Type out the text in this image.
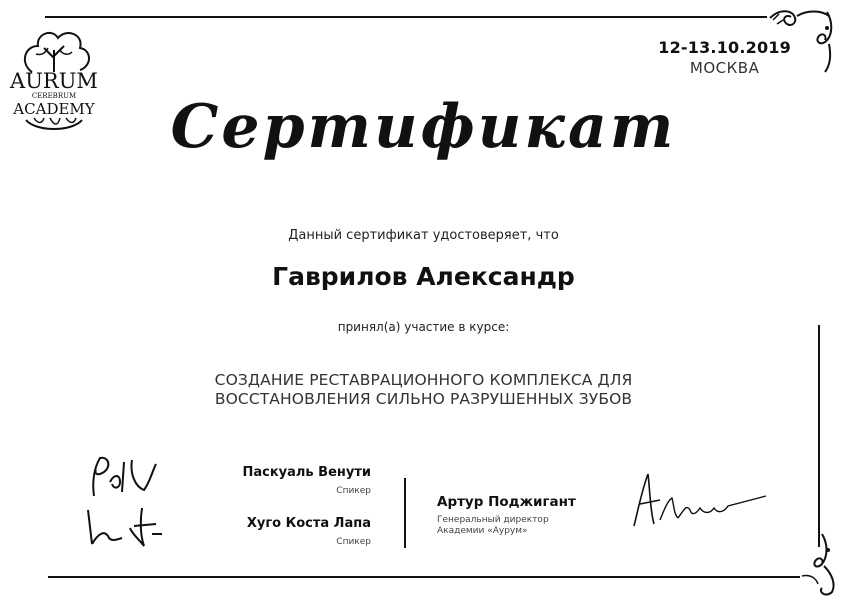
AURUM
CEREBRUM
ACADEMY
12-13.10.2019
МОСКВА
Сертификат
Данный сертификат удостоверяет, что
Гаврилов Александр
принял(а) участие в курсе:
СОЗДАНИЕ РЕСТАВРАЦИОННОГО КОМПЛЕКСА ДЛЯ
ВОССТАНОВЛЕНИЯ СИЛЬНО РАЗРУШЕННЫХ ЗУБОВ
Паскуаль Венути
Спикер
Хуго Коста Лапа
Спикер
Артур Поджигант
Генеральный директор
Академии «Аурум»
